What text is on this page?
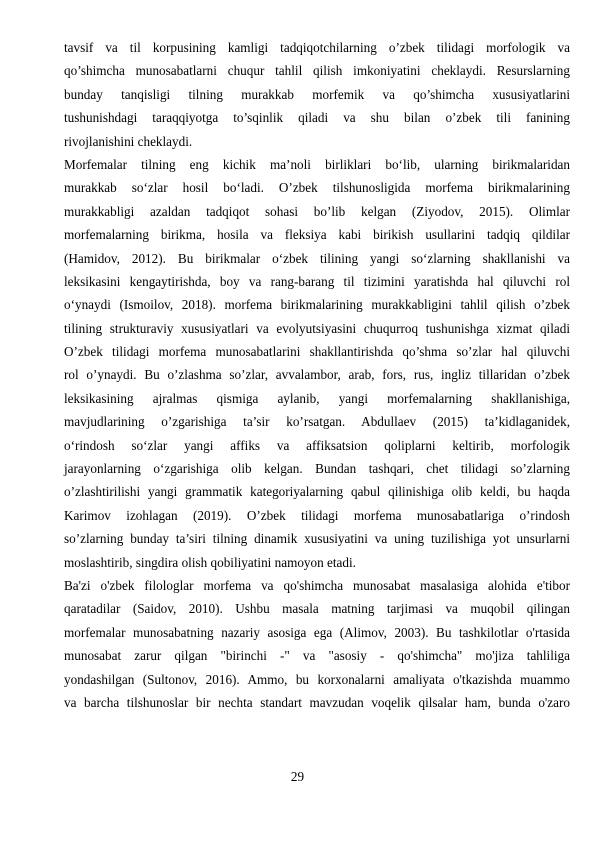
tavsif va til korpusining kamligi tadqiqotchilarning o’zbek tilidagi morfologik va
qo’shimcha munosabatlarni chuqur tahlil qilish imkoniyatini cheklaydi. Resurslarning
bunday tanqisligi tilning murakkab morfemik va qo’shimcha xususiyatlarini
tushunishdagi taraqqiyotga to’sqinlik qiladi va shu bilan o’zbek tili fanining
rivojlanishini cheklaydi.
Morfemalar tilning eng kichik ma’noli birliklari bo‘lib, ularning birikmalaridan
murakkab so‘zlar hosil bo‘ladi. O’zbek tilshunosligida morfema birikmalarining
murakkabligi azaldan tadqiqot sohasi bo’lib kelgan (Ziyodov, 2015). Olimlar
morfemalarning birikma, hosila va fleksiya kabi birikish usullarini tadqiq qildilar
(Hamidov, 2012). Bu birikmalar o‘zbek tilining yangi so‘zlarning shakllanishi va
leksikasini kengaytirishda, boy va rang-barang til tizimini yaratishda hal qiluvchi rol
o‘ynaydi (Ismoilov, 2018). morfema birikmalarining murakkabligini tahlil qilish o’zbek
tilining strukturaviy xususiyatlari va evolyutsiyasini chuqurroq tushunishga xizmat qiladi
O’zbek tilidagi morfema munosabatlarini shakllantirishda qo’shma so’zlar hal qiluvchi
rol o’ynaydi. Bu o’zlashma so’zlar, avvalambor, arab, fors, rus, ingliz tillaridan o’zbek
leksikasining ajralmas qismiga aylanib, yangi morfemalarning shakllanishiga,
mavjudlarining o’zgarishiga ta’sir ko’rsatgan. Abdullaev (2015) ta’kidlaganidek,
o‘rindosh so‘zlar yangi affiks va affiksatsion qoliplarni keltirib, morfologik
jarayonlarning o‘zgarishiga olib kelgan. Bundan tashqari, chet tilidagi so’zlarning
o’zlashtirilishi yangi grammatik kategoriyalarning qabul qilinishiga olib keldi, bu haqda
Karimov izohlagan (2019). O’zbek tilidagi morfema munosabatlariga o’rindosh
so’zlarning bunday ta’siri tilning dinamik xususiyatini va uning tuzilishiga yot unsurlarni
moslashtirib, singdira olish qobiliyatini namoyon etadi.
Ba'zi o'zbek filologlar morfema va qo'shimcha munosabat masalasiga alohida e'tibor
qaratadilar (Saidov, 2010). Ushbu masala matning tarjimasi va muqobil qilingan
morfemalar munosabatning nazariy asosiga ega (Alimov, 2003). Bu tashkilotlar o'rtasida
munosabat zarur qilgan "birinchi -" va "asosiy - qo'shimcha" mo'jiza tahliliga
yondashilgan (Sultonov, 2016). Ammo, bu korxonalarni amaliyata o'tkazishda muammo
va barcha tilshunoslar bir nechta standart mavzudan voqelik qilsalar ham, bunda o'zaro
29
